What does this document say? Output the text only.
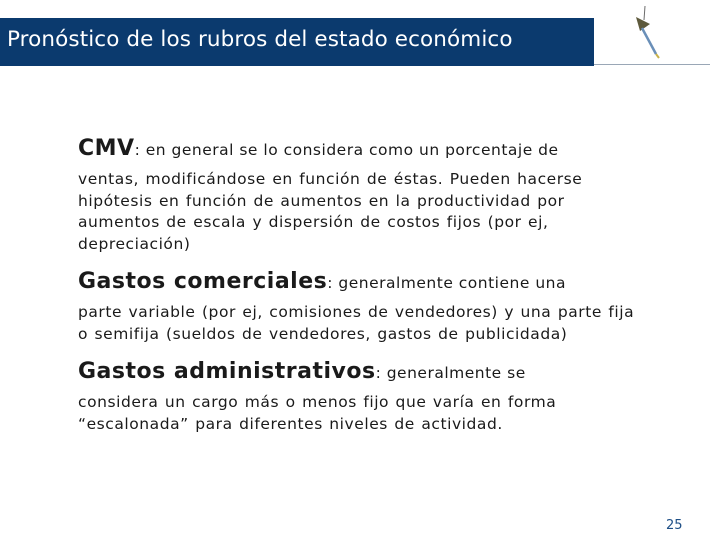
Pronóstico de los rubros del estado económico

CMV: en general se lo considera como un porcentaje de

ventas, modificándose en función de éstas. Pueden hacerse hipótesis en función de aumentos en la productividad por aumentos de escala y dispersión de costos fijos (por ej, depreciación)

Gastos comerciales: generalmente contiene una

parte variable (por ej, comisiones de vendedores) y una parte fija o semifija (sueldos de vendedores, gastos de publicidada)

Gastos administrativos: generalmente se

considera un cargo más o menos fijo que varía en forma “escalonada” para diferentes niveles de actividad.

25
